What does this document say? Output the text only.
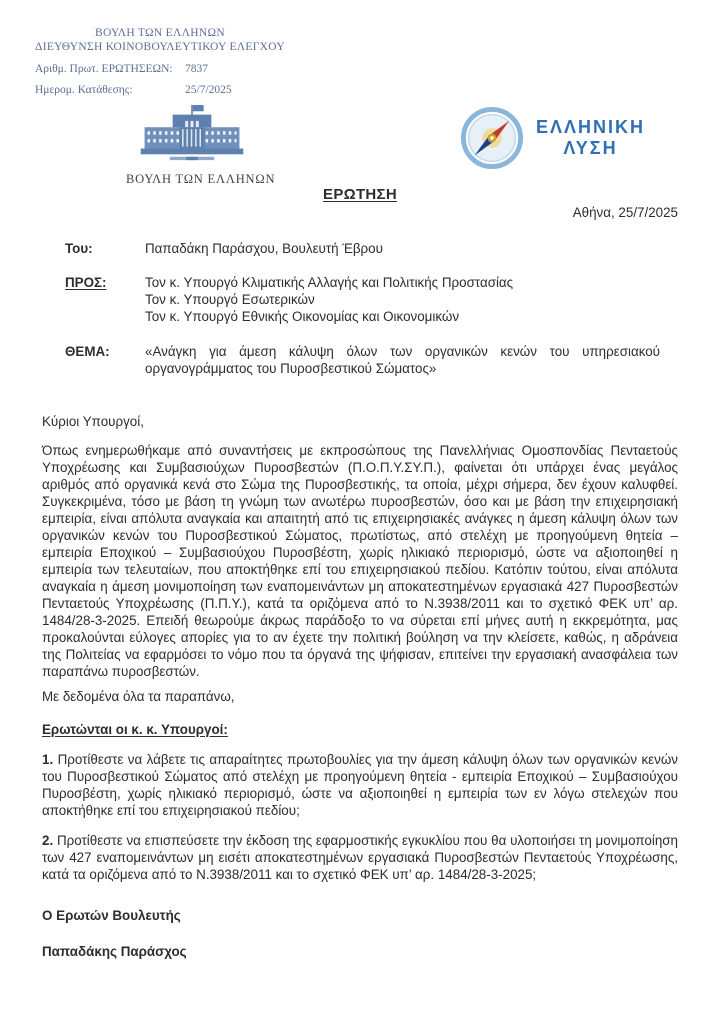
ΒΟΥΛΗ ΤΩΝ ΕΛΛΗΝΩΝ
ΔΙΕΥΘΥΝΣΗ ΚΟΙΝΟΒΟΥΛΕΥΤΙΚΟΥ ΕΛΕΓΧΟΥ
Αριθμ. Πρωτ. ΕΡΩΤΗΣΕΩΝ:	7837
Ημερομ. Κατάθεσης:	25/7/2025
ΒΟΥΛΗ ΤΩΝ ΕΛΛΗΝΩΝ
ΕΛΛΗΝΙΚΗ
ΛΥΣΗ
ΕΡΩΤΗΣΗ
Αθήνα, 25/7/2025
Του:	Παπαδάκη Παράσχου, Βουλευτή Έβρου
ΠΡΟΣ:	Τον κ. Υπουργό Κλιματικής Αλλαγής και Πολιτικής Προστασίας
Τον κ. Υπουργό Εσωτερικών
Τον κ. Υπουργό Εθνικής Οικονομίας και Οικονομικών
ΘΕΜΑ:	«Ανάγκη για άμεση κάλυψη όλων των οργανικών κενών του υπηρεσιακού οργανογράμματος του Πυροσβεστικού Σώματος»
Κύριοι Υπουργοί,
Όπως ενημερωθήκαμε από συναντήσεις με εκπροσώπους της Πανελλήνιας Ομοσπονδίας Πενταετούς Υποχρέωσης και Συμβασιούχων Πυροσβεστών (Π.Ο.Π.Υ.ΣΥ.Π.), φαίνεται ότι υπάρχει ένας μεγάλος αριθμός από οργανικά κενά στο Σώμα της Πυροσβεστικής, τα οποία, μέχρι σήμερα, δεν έχουν καλυφθεί. Συγκεκριμένα, τόσο με βάση τη γνώμη των ανωτέρω πυροσβεστών, όσο και με βάση την επιχειρησιακή εμπειρία, είναι απόλυτα αναγκαία και απαιτητή από τις επιχειρησιακές ανάγκες η άμεση κάλυψη όλων των οργανικών κενών του Πυροσβεστικού Σώματος, πρωτίστως, από στελέχη με προηγούμενη θητεία – εμπειρία Εποχικού – Συμβασιούχου Πυροσβέστη, χωρίς ηλικιακό περιορισμό, ώστε να αξιοποιηθεί η εμπειρία των τελευταίων, που αποκτήθηκε επί του επιχειρησιακού πεδίου. Κατόπιν τούτου, είναι απόλυτα αναγκαία η άμεση μονιμοποίηση των εναπομεινάντων μη αποκατεστημένων εργασιακά 427 Πυροσβεστών Πενταετούς Υποχρέωσης (Π.Π.Υ.), κατά τα οριζόμενα από το Ν.3938/2011 και το σχετικό ΦΕΚ υπ’ αρ. 1484/28-3-2025. Επειδή θεωρούμε άκρως παράδοξο το να σύρεται επί μήνες αυτή η εκκρεμότητα, μας προκαλούνται εύλογες απορίες για το αν έχετε την πολιτική βούληση να την κλείσετε, καθώς, η αδράνεια της Πολιτείας να εφαρμόσει το νόμο που τα όργανά της ψήφισαν, επιτείνει την εργασιακή ανασφάλεια των παραπάνω πυροσβεστών.
Με δεδομένα όλα τα παραπάνω,
Ερωτώνται οι κ. κ. Υπουργοί:
1. Προτίθεστε να λάβετε τις απαραίτητες πρωτοβουλίες για την άμεση κάλυψη όλων των οργανικών κενών του Πυροσβεστικού Σώματος από στελέχη με προηγούμενη θητεία - εμπειρία Εποχικού – Συμβασιούχου Πυροσβέστη, χωρίς ηλικιακό περιορισμό, ώστε να αξιοποιηθεί η εμπειρία των εν λόγω στελεχών που αποκτήθηκε επί του επιχειρησιακού πεδίου;
2. Προτίθεστε να επισπεύσετε την έκδοση της εφαρμοστικής εγκυκλίου που θα υλοποιήσει τη μονιμοποίηση των 427 εναπομεινάντων μη εισέτι αποκατεστημένων εργασιακά Πυροσβεστών Πενταετούς Υποχρέωσης, κατά τα οριζόμενα από το Ν.3938/2011 και το σχετικό ΦΕΚ υπ’ αρ. 1484/28-3-2025;
Ο Ερωτών Βουλευτής
Παπαδάκης Παράσχος
